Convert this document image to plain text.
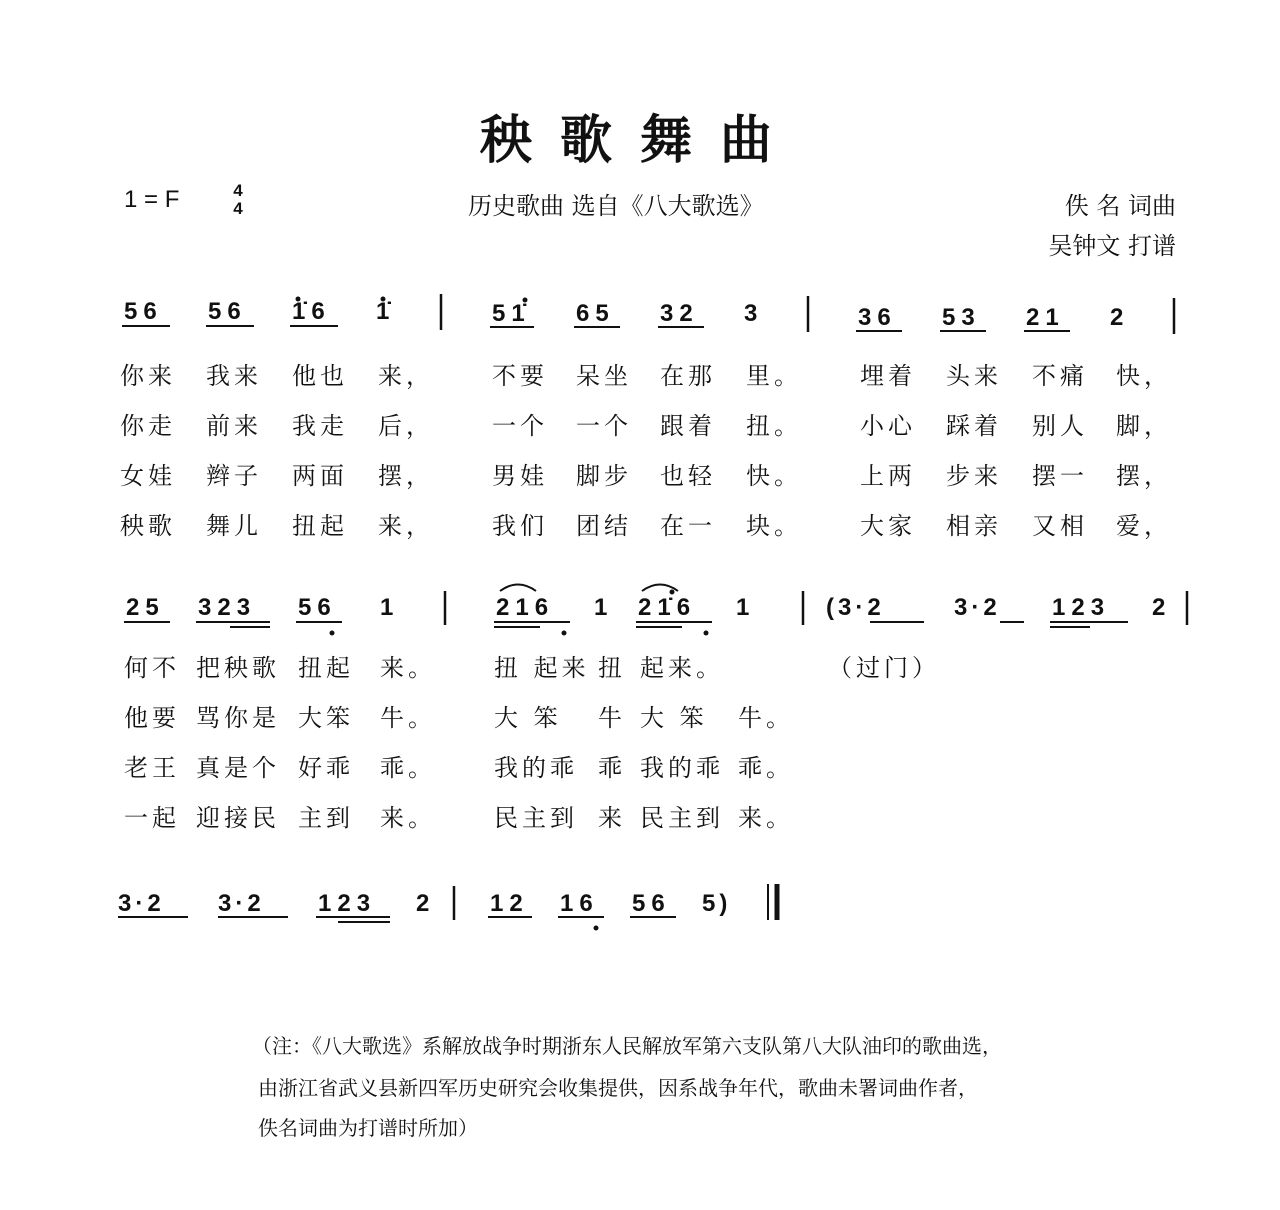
秧歌舞曲
1 = F	4
4	历史歌曲 选自《八大歌选》	佚 名 词曲
吴钟文 打谱
56 56 1̇6 1̇	51̇ 65 32 3	36 53 21 2
25 323 56 1	216 1 21̇6 1	(3·2	3·2 123 2
3·2 3·2 123 2	12 16 56 5)
你来 我来 他也 来， 不要 呆坐 在那 里。 埋着 头来 不痛 快，
你走 前来 我走 后， 一个 一个 跟着 扭。 小心 踩着 别人 脚，
女娃 辫子 两面 摆， 男娃 脚步 也轻 快。 上两 步来 摆一 摆，
秧歌 舞儿 扭起 来， 我们 团结 在一 块。 大家 相亲 又相 爱，
何不 把秧歌 扭起 来。 扭 起来 扭 起来。	（过门）
他要 骂你是 大笨 牛。 大 笨 牛 大 笨 牛。
老王 真是个 好乖 乖。 我的乖 乖 我的乖 乖。
一起 迎接民 主到 来。 民主到 来 民主到 来。
（注：《八大歌选》系解放战争时期浙东人民解放军第六支队第八大队油印的歌曲选，
由浙江省武义县新四军历史研究会收集提供，因系战争年代，歌曲未署词曲作者，
佚名词曲为打谱时所加）
